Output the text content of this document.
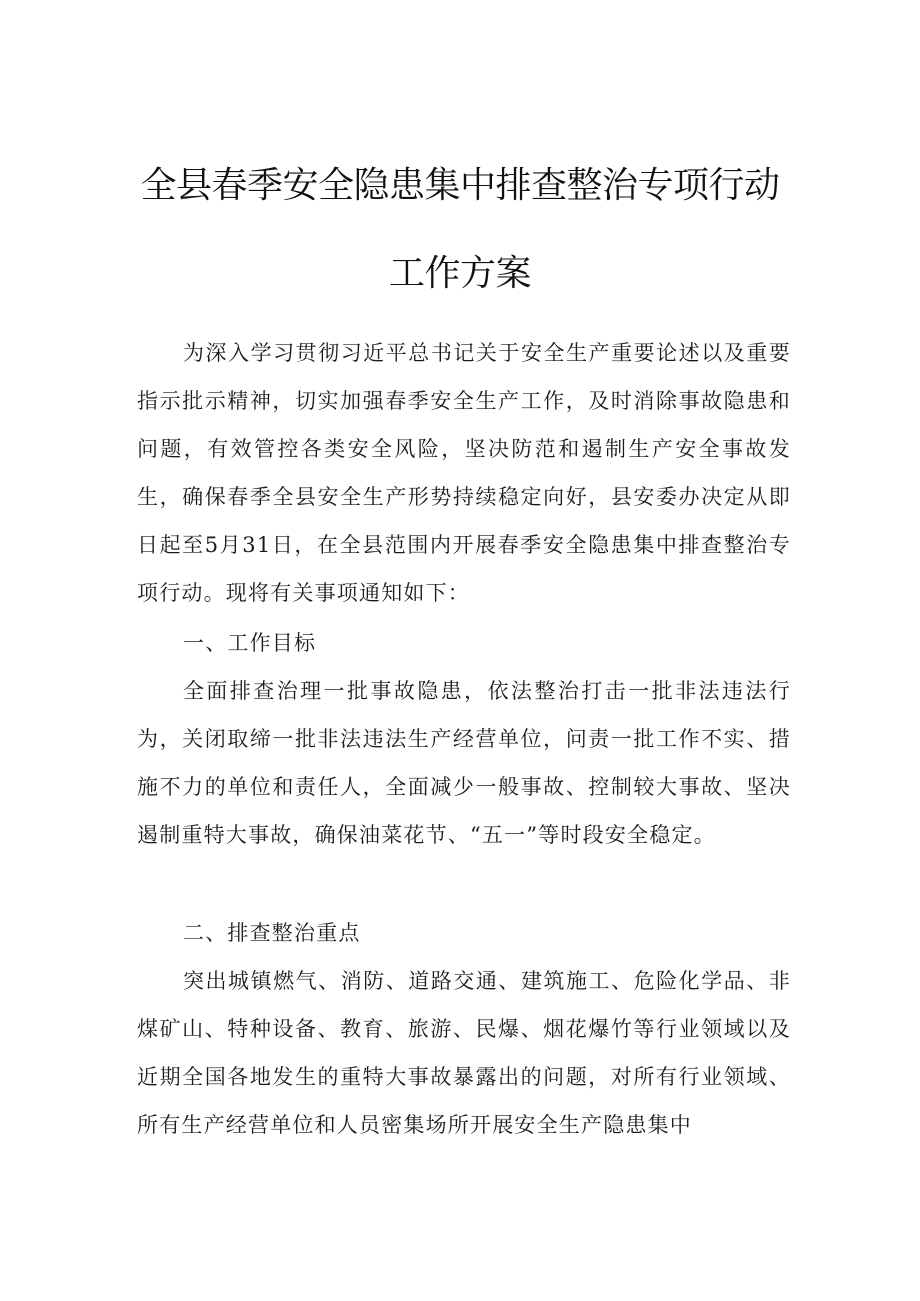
全县春季安全隐患集中排查整治专项行动
工作方案

为深入学习贯彻习近平总书记关于安全生产重要论述以及重要指示批示精神，切实加强春季安全生产工作，及时消除事故隐患和问题，有效管控各类安全风险，坚决防范和遏制生产安全事故发生，确保春季全县安全生产形势持续稳定向好，县安委办决定从即日起至5月31日，在全县范围内开展春季安全隐患集中排查整治专项行动。现将有关事项通知如下：

一、工作目标

全面排查治理一批事故隐患，依法整治打击一批非法违法行为，关闭取缔一批非法违法生产经营单位，问责一批工作不实、措施不力的单位和责任人，全面减少一般事故、控制较大事故、坚决遏制重特大事故，确保油菜花节、“五一”等时段安全稳定。

二、排查整治重点

突出城镇燃气、消防、道路交通、建筑施工、危险化学品、非煤矿山、特种设备、教育、旅游、民爆、烟花爆竹等行业领域以及近期全国各地发生的重特大事故暴露出的问题，对所有行业领域、所有生产经营单位和人员密集场所开展安全生产隐患集中
